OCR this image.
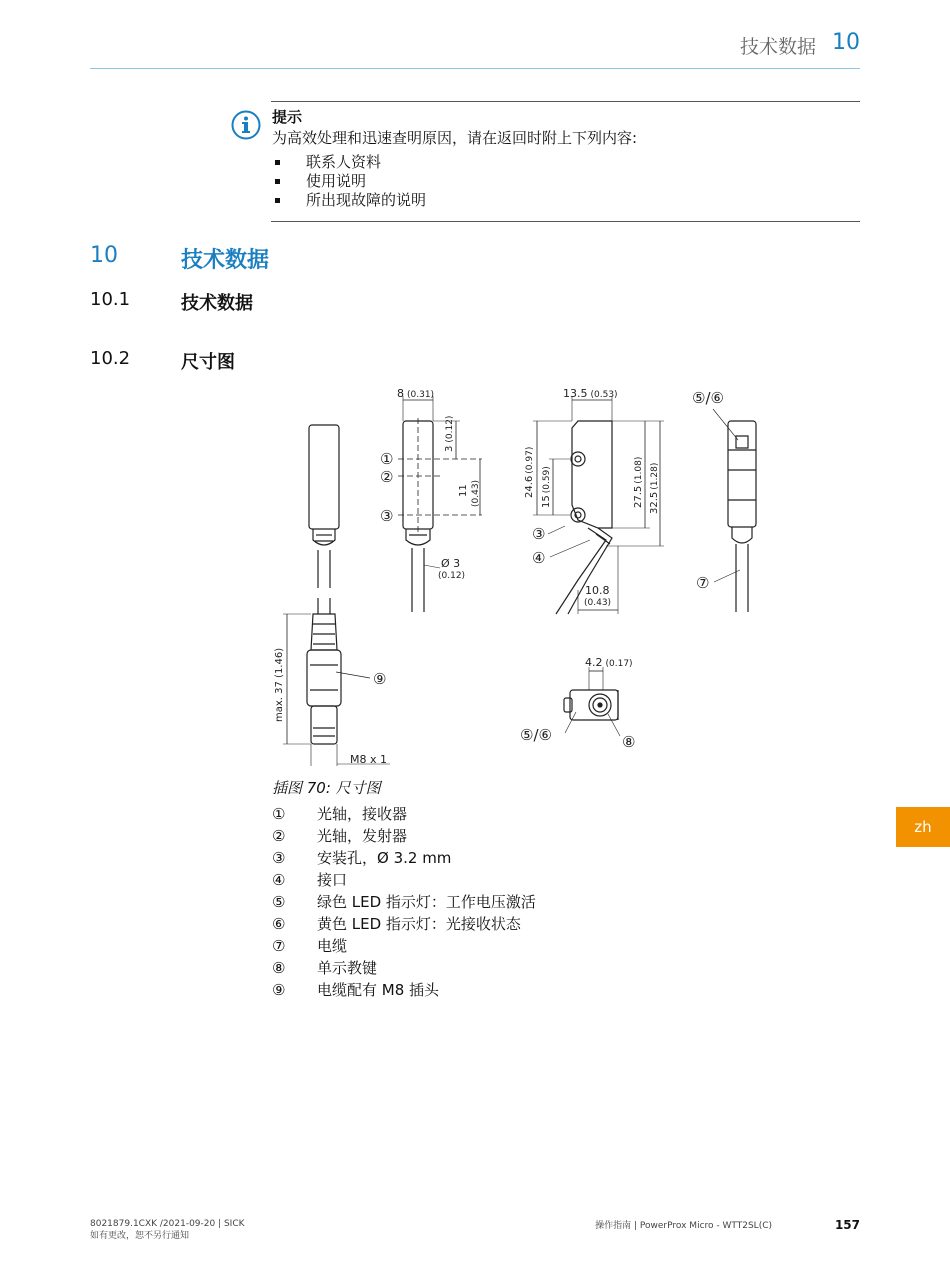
技术数据 10
提示
为高效处理和迅速查明原因，请在返回时附上下列内容:
联系人资料
使用说明
所出现故障的说明
10	技术数据
10.1	技术数据
10.2	尺寸图
8 (0.31)
3(0.12)
11 (0.43)
Ø 3
(0.12)
13.5 (0.53)
24.6(0.97)
15(0.59)
27.5(1.08)
32.5(1.28)
10.8
(0.43)
4.2 (0.17)
max. 37 (1.46)
M8 x 1
①
②
③
③
④
⑤/⑥
⑦
⑨
⑤/⑥	⑧
插图 70: 尺寸图
①	光轴，接收器
②	光轴，发射器
③	安装孔，Ø 3.2 mm
④	接口
⑤	绿色 LED 指示灯：工作电压激活
⑥	黄色 LED 指示灯：光接收状态
⑦	电缆
⑧	单示教键
⑨	电缆配有 M8 插头
zh
8021879.1CXK /2021-09-20 | SICK
如有更改，恕不另行通知
操作指南 | PowerProx Micro - WTT2SL(C)	157
